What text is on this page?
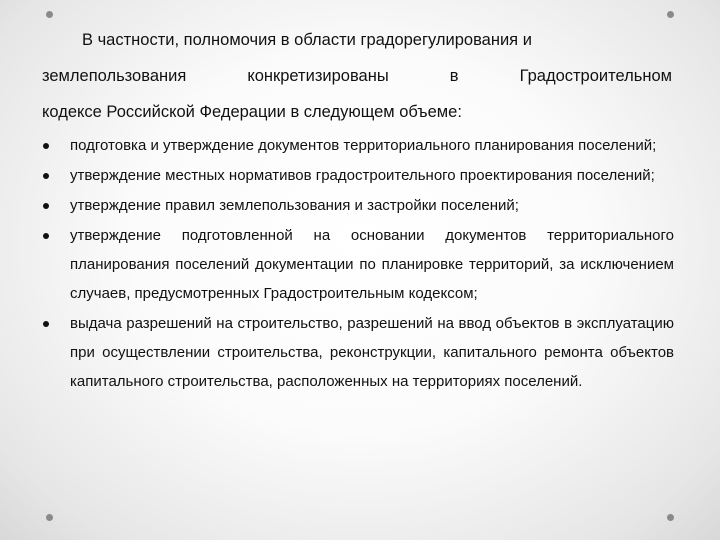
В частности, полномочия в области градорегулирования и
землепользования	конкретизированы	в	Градостроительном
кодексе Российской Федерации в следующем объеме:
подготовка и утверждение документов территориального планирования поселений;
утверждение местных нормативов градостроительного проектирования поселений;
утверждение правил землепользования и застройки поселений;
утверждение подготовленной на основании документов территориального планирования поселений документации по планировке территорий, за исключением случаев, предусмотренных Градостроительным кодексом;
выдача разрешений на строительство, разрешений на ввод объектов в эксплуатацию при осуществлении строительства, реконструкции, капитального ремонта объектов капитального строительства, расположенных на территориях поселений.
